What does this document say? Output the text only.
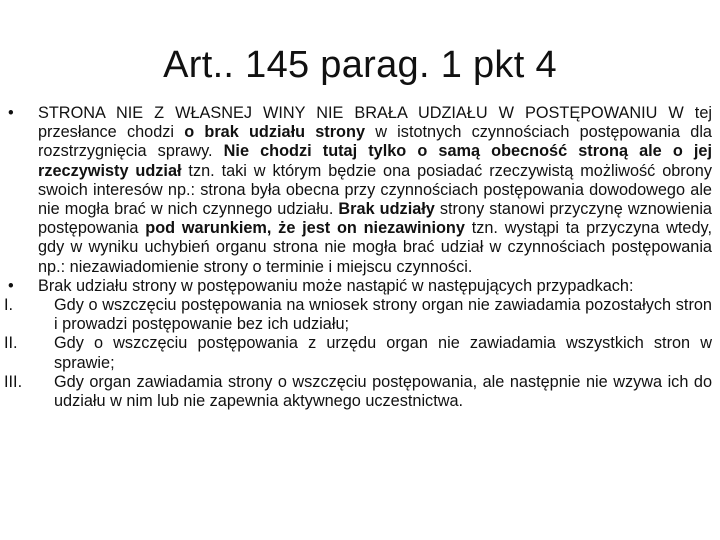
Art.. 145 parag. 1 pkt 4

•	STRONA NIE Z WŁASNEJ WINY NIE BRAŁA UDZIAŁU W POSTĘPOWANIU W tej przesłance chodzi o brak udziału strony w istotnych czynnościach postępowania dla rozstrzygnięcia sprawy. Nie chodzi tutaj tylko o samą obecność stroną ale o jej rzeczywisty udział tzn. taki w którym będzie ona posiadać rzeczywistą możliwość obrony swoich interesów np.: strona była obecna przy czynnościach postępowania dowodowego ale nie mogła brać w nich czynnego udziału. Brak udziały strony stanowi przyczynę wznowienia postępowania pod warunkiem, że jest on niezawiniony tzn. wystąpi ta przyczyna wtedy, gdy w wyniku uchybień organu strona nie mogła brać udział w czynnościach postępowania np.: niezawiadomienie strony o terminie i miejscu czynności.

•	Brak udziału strony w postępowaniu może nastąpić w następujących przypadkach:

I.	Gdy o wszczęciu postępowania na wniosek strony organ nie zawiadamia pozostałych stron i prowadzi postępowanie bez ich udziału;

II.	Gdy o wszczęciu postępowania z urzędu organ nie zawiadamia wszystkich stron w sprawie;

III.	Gdy organ zawiadamia strony o wszczęciu postępowania, ale następnie nie wzywa ich do udziału w nim lub nie zapewnia aktywnego uczestnictwa.
